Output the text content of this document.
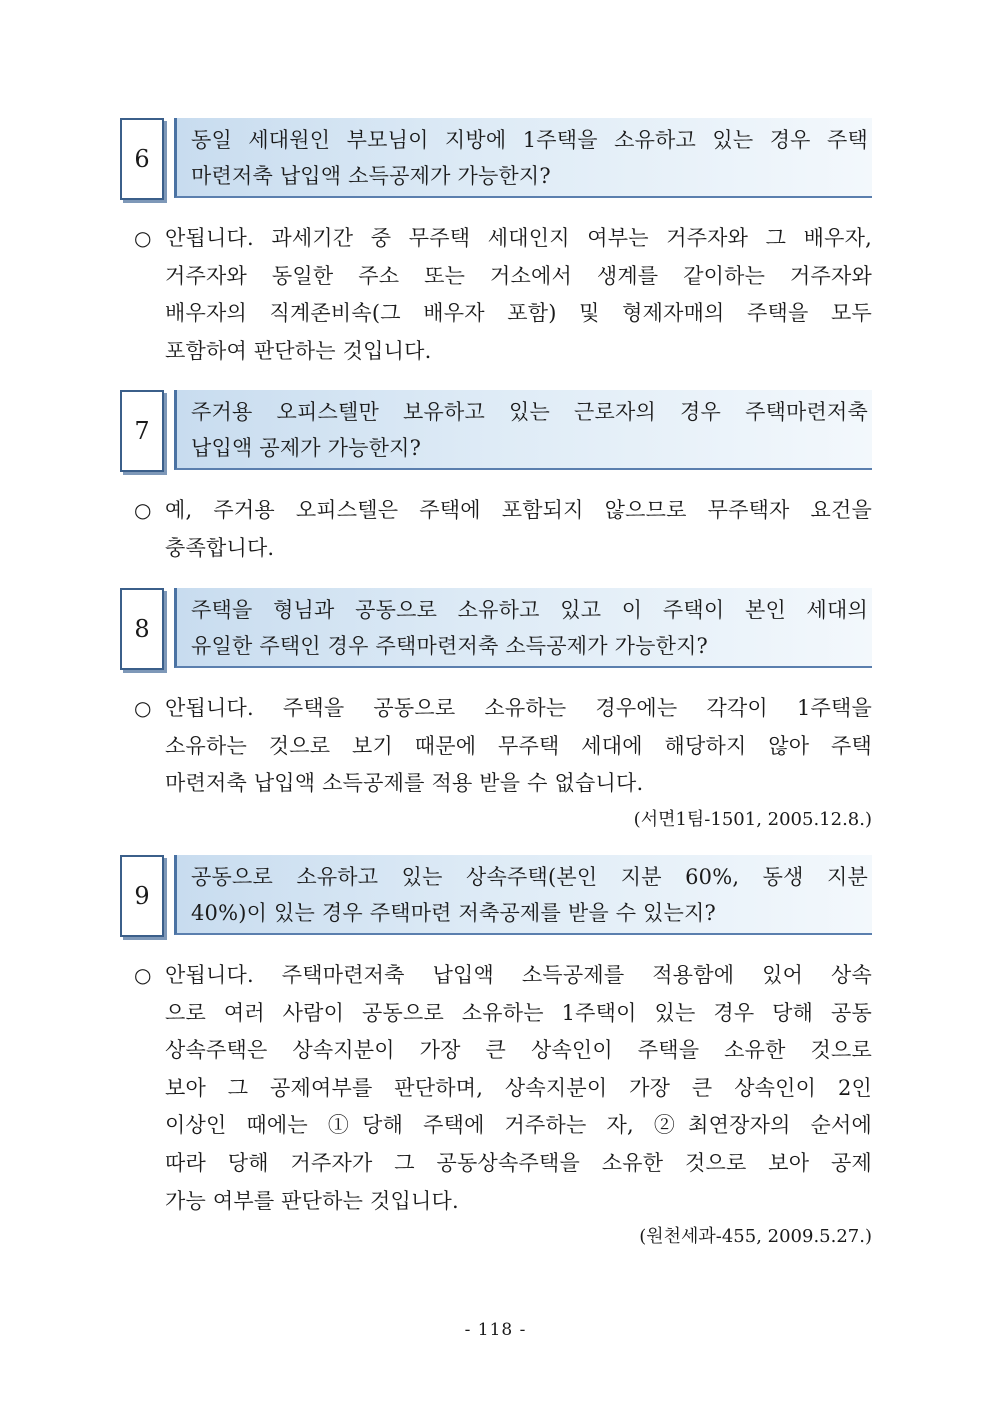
6
동일 세대원인 부모님이 지방에 1주택을 소유하고 있는 경우 주택
마련저축 납입액 소득공제가 가능한지?
○ 안됩니다. 과세기간 중 무주택 세대인지 여부는 거주자와 그 배우자,
거주자와 동일한 주소 또는 거소에서 생계를 같이하는 거주자와
배우자의 직계존비속(그 배우자 포함) 및 형제자매의 주택을 모두
포함하여 판단하는 것입니다.
7
주거용 오피스텔만 보유하고 있는 근로자의 경우 주택마련저축
납입액 공제가 가능한지?
○ 예, 주거용 오피스텔은 주택에 포함되지 않으므로 무주택자 요건을
충족합니다.
8
주택을 형님과 공동으로 소유하고 있고 이 주택이 본인 세대의
유일한 주택인 경우 주택마련저축 소득공제가 가능한지?
○ 안됩니다. 주택을 공동으로 소유하는 경우에는 각각이 1주택을
소유하는 것으로 보기 때문에 무주택 세대에 해당하지 않아 주택
마련저축 납입액 소득공제를 적용 받을 수 없습니다.
(서면1팀-1501, 2005.12.8.)
9
공동으로 소유하고 있는 상속주택(본인 지분 60%, 동생 지분
40%)이 있는 경우 주택마련 저축공제를 받을 수 있는지?
○ 안됩니다. 주택마련저축 납입액 소득공제를 적용함에 있어 상속
으로 여러 사람이 공동으로 소유하는 1주택이 있는 경우 당해 공동
상속주택은 상속지분이 가장 큰 상속인이 주택을 소유한 것으로
보아 그 공제여부를 판단하며, 상속지분이 가장 큰 상속인이 2인
이상인 때에는 ①당해 주택에 거주하는 자, ②최연장자의 순서에
따라 당해 거주자가 그 공동상속주택을 소유한 것으로 보아 공제
가능 여부를 판단하는 것입니다.
(원천세과-455, 2009.5.27.)
- 118 -
